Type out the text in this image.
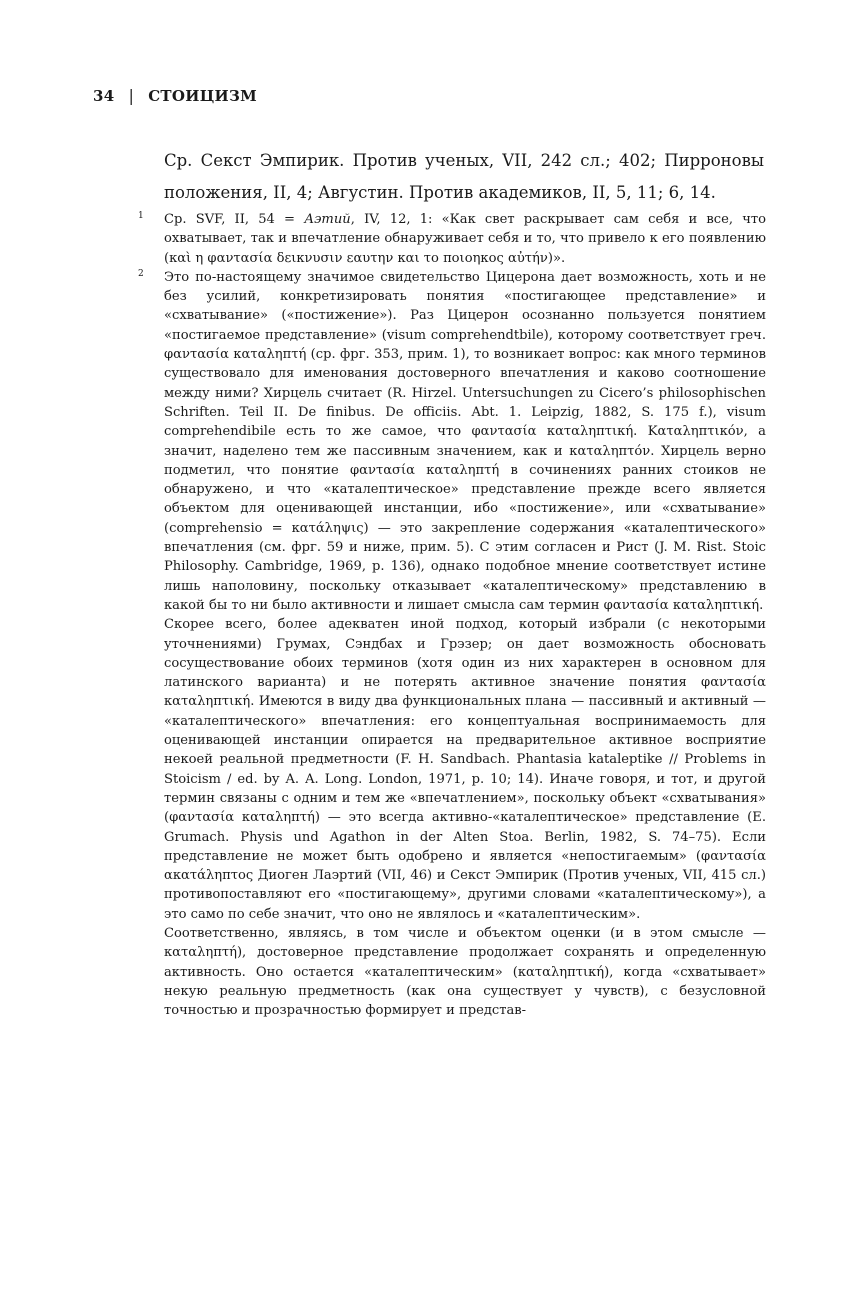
34 | СТОИЦИЗМ
Ср. Секст Эмпирик. Против ученых, VII, 242 сл.; 402; Пирроновы положения, II, 4; Августин. Против академиков, II, 5, 11; 6, 14.
1	Ср. SVF, II, 54 = Аэтий, IV, 12, 1: «Как свет раскрывает сам себя и все, что охватывает, так и впечатление обнаруживает себя и то, что привело к его появлению (καὶ η φαντασία δεικνυσιν εαυτην και το ποιοηκος αὐτήν)».

2	Это по-настоящему значимое свидетельство Цицерона дает возможность, хоть и не без усилий, конкретизировать понятия «постигающее представление» и «схватывание» («постижение»). Раз Цицерон осознанно пользуется понятием «постигаемое представление» (visum comprehendtbile), которому соответствует греч. φαντασία καταληπτή (ср. фрг. 353, прим. 1), то возникает вопрос: как много терминов существовало для именования достоверного впечатления и каково соотношение между ними? Хирцель считает (R. Hirzel. Untersuchungen zu Cicero’s philosophischen Schriften. Teil II. De finibus. De officiis. Abt. 1. Leipzig, 1882, S. 175 f.), visum comprehendibile есть то же самое, что φαντασία καταληπτική. Καταληπτικόν, а значит, наделено тем же пассивным значением, как и καταληπτόν. Хирцель верно подметил, что понятие φαντασία καταληπτή в сочинениях ранних стоиков не обнаружено, и что «каталептическое» представление прежде всего является объектом для оценивающей инстанции, ибо «постижение», или «схватывание» (comprehensio = κατάληψις) — это закрепление содержания «каталептического» впечатления (см. фрг. 59 и ниже, прим. 5). С этим согласен и Рист (J. M. Rist. Stoic Philosophy. Cambridge, 1969, p. 136), однако подобное мнение соответствует истине лишь наполовину, поскольку отказывает «каталептическому» представлению в какой бы то ни было активности и лишает смысла сам термин φαντασία καταληπτική.

Скорее всего, более адекватен иной подход, который избрали (с некоторыми уточнениями) Грумах, Сэндбах и Грэзер; он дает возможность обосновать сосуществование обоих терминов (хотя один из них характерен в основном для латинского варианта) и не потерять активное значение понятия φαντασία καταληπτική. Имеются в виду два функциональных плана — пассивный и активный — «каталептического» впечатления: его концептуальная воспринимаемость для оценивающей инстанции опирается на предварительное активное восприятие некоей реальной предметности (F. H. Sandbach. Phantasia kataleptike // Problems in Stoicism / ed. by A. A. Long. London, 1971, p. 10; 14). Иначе говоря, и тот, и другой термин связаны с одним и тем же «впечатлением», поскольку объект «схватывания» (φαντασία καταληπτή) — это всегда активно-«каталептическое» представление (E. Grumach. Physis und Agathon in der Alten Stoa. Berlin, 1982, S. 74–75). Если представление не может быть одобрено и является «непостигаемым» (φαντασία ακατάληπτος Диоген Лаэртий (VII, 46) и Секст Эмпирик (Против ученых, VII, 415 сл.) противопоставляют его «постигающему», другими словами «каталептическому»), а это само по себе значит, что оно не являлось и «каталептическим».

Соответственно, являясь, в том числе и объектом оценки (и в этом смысле — καταληπτή), достоверное представление продолжает сохранять и определенную активность. Оно остается «каталептическим» (καταληπτική), когда «схватывает» некую реальную предметность (как она существует у чувств), с безусловной точностью и прозрачностью формирует и представ-
